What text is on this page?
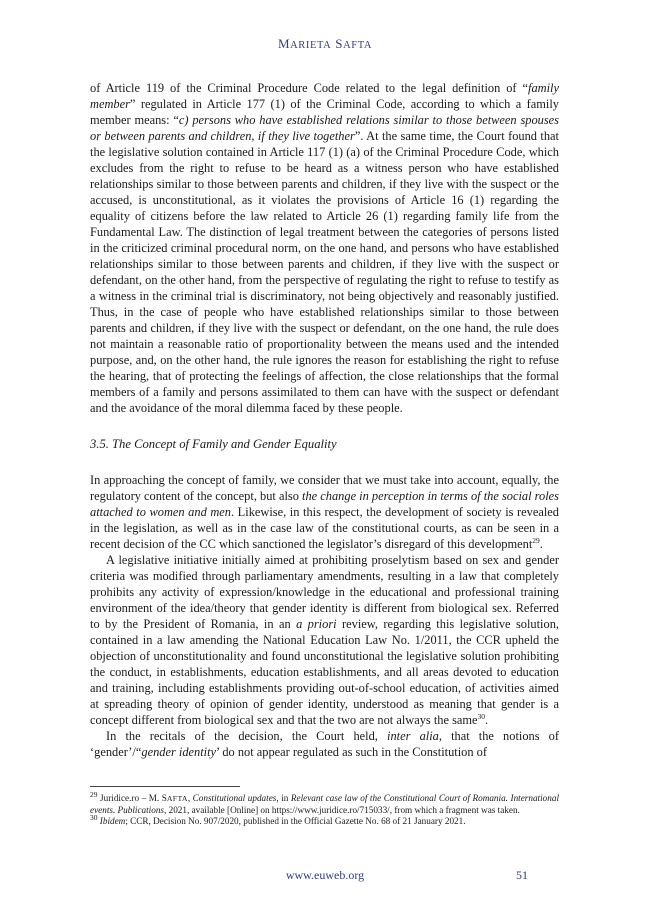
MARIETA SAFTA

of Article 119 of the Criminal Procedure Code related to the legal definition of “family member” regulated in Article 177 (1) of the Criminal Code, according to which a family member means: “c) persons who have established relations similar to those between spouses or between parents and children, if they live together”. At the same time, the Court found that the legislative solution contained in Article 117 (1) (a) of the Criminal Procedure Code, which excludes from the right to refuse to be heard as a witness person who have established relationships similar to those between parents and children, if they live with the suspect or the accused, is unconstitutional, as it violates the provisions of Article 16 (1) regarding the equality of citizens before the law related to Article 26 (1) regarding family life from the Fundamental Law. The distinction of legal treatment between the categories of persons listed in the criticized criminal procedural norm, on the one hand, and persons who have established relationships similar to those between parents and children, if they live with the suspect or defendant, on the other hand, from the perspective of regulating the right to refuse to testify as a witness in the criminal trial is discriminatory, not being objectively and reasonably justified. Thus, in the case of people who have established relationships similar to those between parents and children, if they live with the suspect or defendant, on the one hand, the rule does not maintain a reasonable ratio of proportionality between the means used and the intended purpose, and, on the other hand, the rule ignores the reason for establishing the right to refuse the hearing, that of protecting the feelings of affection, the close relationships that the formal members of a family and persons assimilated to them can have with the suspect or defendant and the avoidance of the moral dilemma faced by these people.

3.5. The Concept of Family and Gender Equality

In approaching the concept of family, we consider that we must take into account, equally, the regulatory content of the concept, but also the change in perception in terms of the social roles attached to women and men. Likewise, in this respect, the development of society is revealed in the legislation, as well as in the case law of the constitutional courts, as can be seen in a recent decision of the CC which sanctioned the legislator’s disregard of this development$^{29}$.

A legislative initiative initially aimed at prohibiting proselytism based on sex and gender criteria was modified through parliamentary amendments, resulting in a law that completely prohibits any activity of expression/knowledge in the educational and professional training environment of the idea/theory that gender identity is different from biological sex. Referred to by the President of Romania, in an a priori review, regarding this legislative solution, contained in a law amending the National Education Law No. 1/2011, the CCR upheld the objection of unconstitutionality and found unconstitutional the legislative solution prohibiting the conduct, in establishments, education establishments, and all areas devoted to education and training, including establishments providing out-of-school education, of activities aimed at spreading theory of opinion of gender identity, understood as meaning that gender is a concept different from biological sex and that the two are not always the same$^{30}$.

In the recitals of the decision, the Court held, inter alia, that the notions of ‘gender’/“gender identity’ do not appear regulated as such in the Constitution of

$^{29}$ Juridice.ro – M. SAFTA, Constitutional updates, in Relevant case law of the Constitutional Court of Romania. International events. Publications, 2021, available [Online] on https://www.juridice.ro/715033/, from which a fragment was taken.

$^{30}$ Ibidem; CCR, Decision No. 907/2020, published in the Official Gazette No. 68 of 21 January 2021.

www.euweb.org	51
